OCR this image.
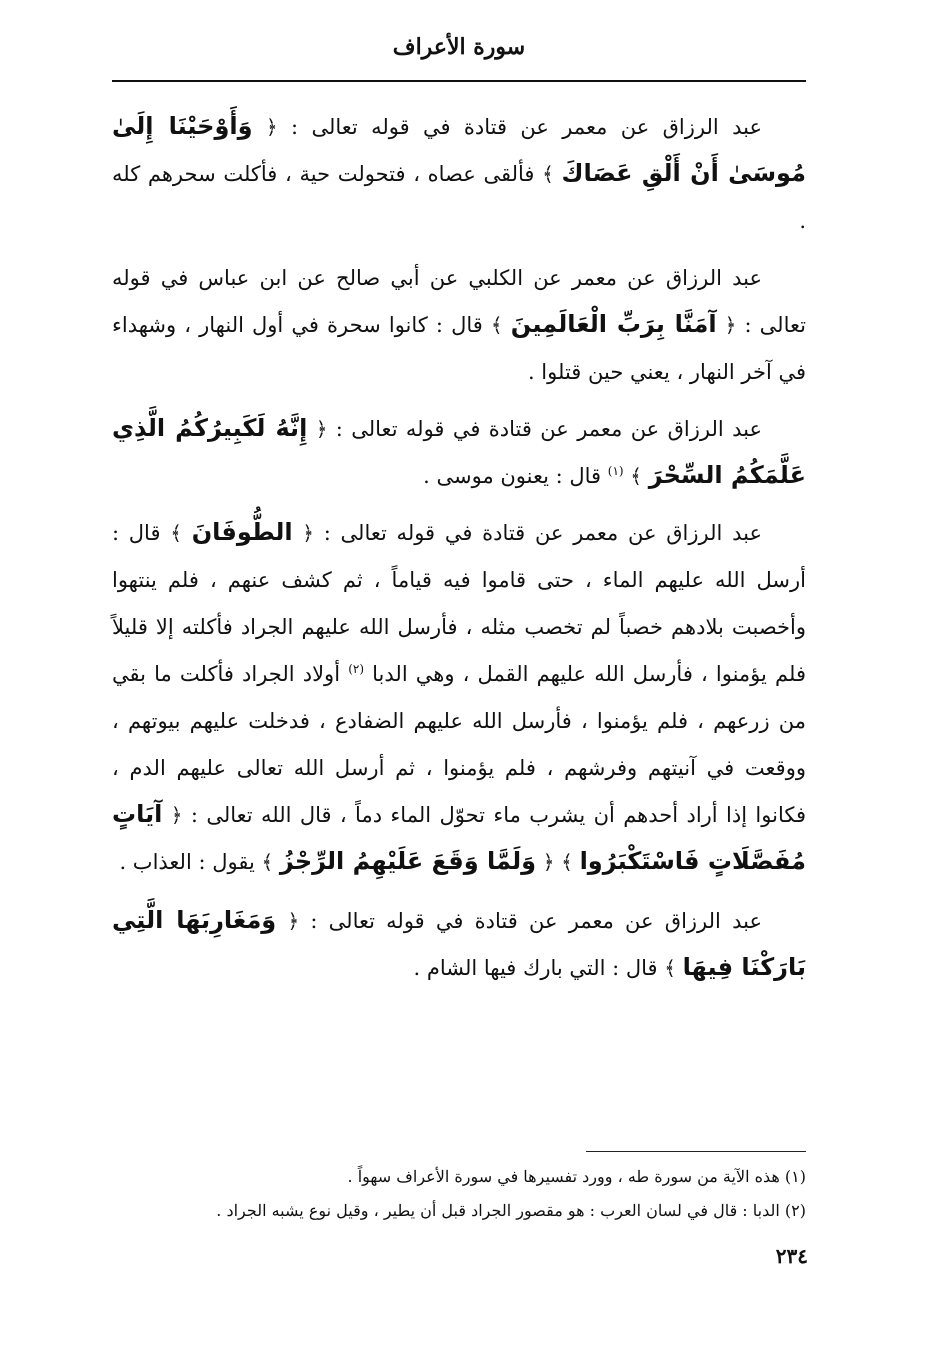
سورة الأعراف

عبد الرزاق عن معمر عن قتادة في قوله تعالى : ﴿ وَأَوْحَيْنَا إِلَىٰ مُوسَىٰ أَنْ أَلْقِ عَصَاكَ ﴾ فألقى عصاه ، فتحولت حية ، فأكلت سحرهم كله .

عبد الرزاق عن معمر عن الكلبي عن أبي صالح عن ابن عباس في قوله تعالى : ﴿ آمَنَّا بِرَبِّ الْعَالَمِينَ ﴾ قال : كانوا سحرة في أول النهار ، وشهداء في آخر النهار ، يعني حين قتلوا .

عبد الرزاق عن معمر عن قتادة في قوله تعالى : ﴿ إِنَّهُ لَكَبِيرُكُمُ الَّذِي عَلَّمَكُمُ السِّحْرَ ﴾ $^{(١)}$ قال : يعنون موسى .

عبد الرزاق عن معمر عن قتادة في قوله تعالى : ﴿ الطُّوفَانَ ﴾ قال : أرسل الله عليهم الماء ، حتى قاموا فيه قياماً ، ثم كشف عنهم ، فلم ينتهوا وأخصبت بلادهم خصباً لم تخصب مثله ، فأرسل الله عليهم الجراد فأكلته إلا قليلاً فلم يؤمنوا ، فأرسل الله عليهم القمل ، وهي الدبا $^{(٢)}$ أولاد الجراد فأكلت ما بقي من زرعهم ، فلم يؤمنوا ، فأرسل الله عليهم الضفادع ، فدخلت عليهم بيوتهم ، ووقعت في آنيتهم وفرشهم ، فلم يؤمنوا ، ثم أرسل الله تعالى عليهم الدم ، فكانوا إذا أراد أحدهم أن يشرب ماء تحوّل الماء دماً ، قال الله تعالى : ﴿ آيَاتٍ مُفَصَّلَاتٍ فَاسْتَكْبَرُوا ﴾ ﴿ وَلَمَّا وَقَعَ عَلَيْهِمُ الرِّجْزُ ﴾ يقول : العذاب .

عبد الرزاق عن معمر عن قتادة في قوله تعالى : ﴿ وَمَغَارِبَهَا الَّتِي بَارَكْنَا فِيهَا ﴾ قال : التي بارك فيها الشام .

(١) هذه الآية من سورة طه ، وورد تفسيرها في سورة الأعراف سهواً .

(٢) الدبا : قال في لسان العرب : هو مقصور الجراد قبل أن يطير ، وقيل نوع يشبه الجراد .

٢٣٤
